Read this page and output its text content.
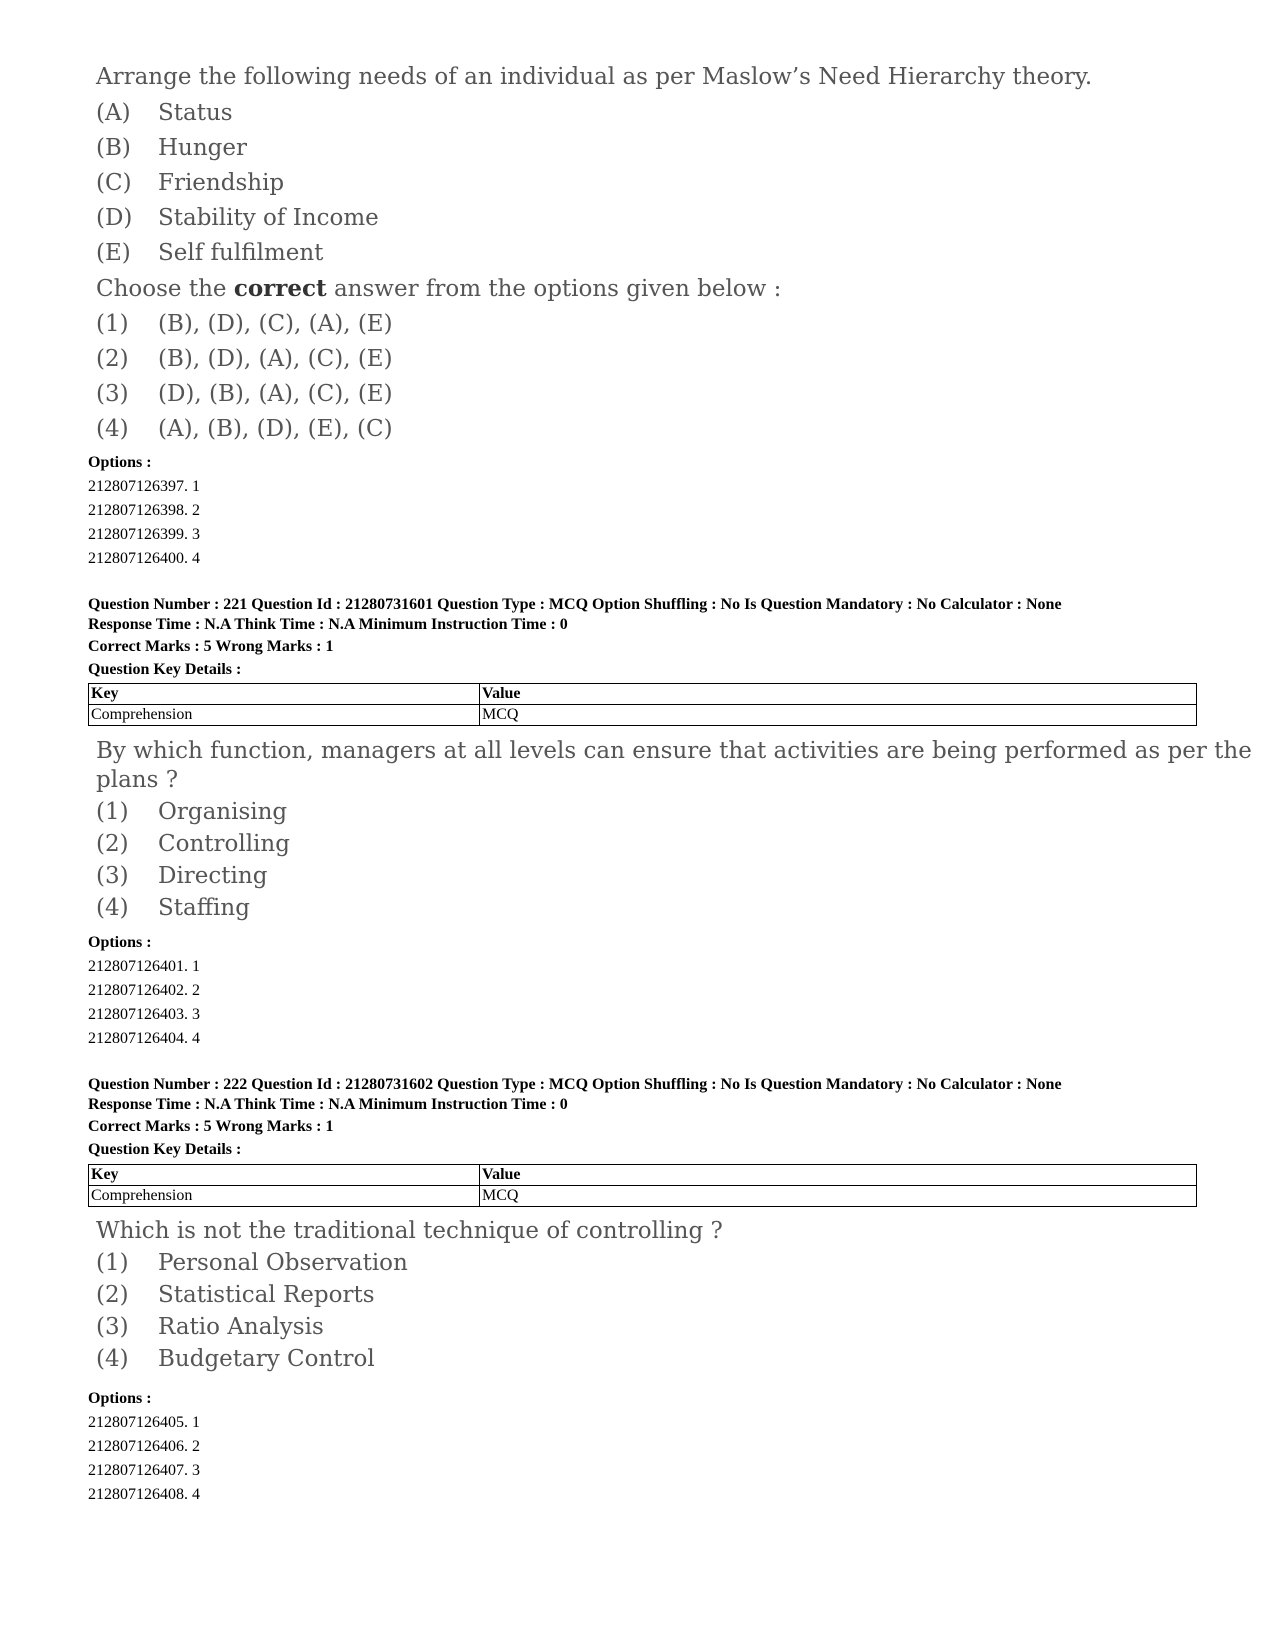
Arrange the following needs of an individual as per Maslow’s Need Hierarchy theory.

(A)	Status
(B)	Hunger
(C)	Friendship
(D)	Stability of Income
(E)	Self fulfilment

Choose the correct answer from the options given below :

(1)	(B), (D), (C), (A), (E)
(2)	(B), (D), (A), (C), (E)
(3)	(D), (B), (A), (C), (E)
(4)	(A), (B), (D), (E), (C)
Options :
212807126397. 1
212807126398. 2
212807126399. 3
212807126400. 4
Question Number : 221 Question Id : 21280731601 Question Type : MCQ Option Shuffling : No Is Question Mandatory : No Calculator : None
Response Time : N.A Think Time : N.A Minimum Instruction Time : 0
Correct Marks : 5 Wrong Marks : 1
Question Key Details :
Key	Value
Comprehension	MCQ

By which function, managers at all levels can ensure that activities are being performed as per the

plans ?

(1)	Organising
(2)	Controlling
(3)	Directing
(4)	Staffing
Options :
212807126401. 1
212807126402. 2
212807126403. 3
212807126404. 4
Question Number : 222 Question Id : 21280731602 Question Type : MCQ Option Shuffling : No Is Question Mandatory : No Calculator : None
Response Time : N.A Think Time : N.A Minimum Instruction Time : 0
Correct Marks : 5 Wrong Marks : 1
Question Key Details :
Key	Value
Comprehension	MCQ

Which is not the traditional technique of controlling ?

(1)	Personal Observation
(2)	Statistical Reports
(3)	Ratio Analysis
(4)	Budgetary Control
Options :
212807126405. 1
212807126406. 2
212807126407. 3
212807126408. 4
